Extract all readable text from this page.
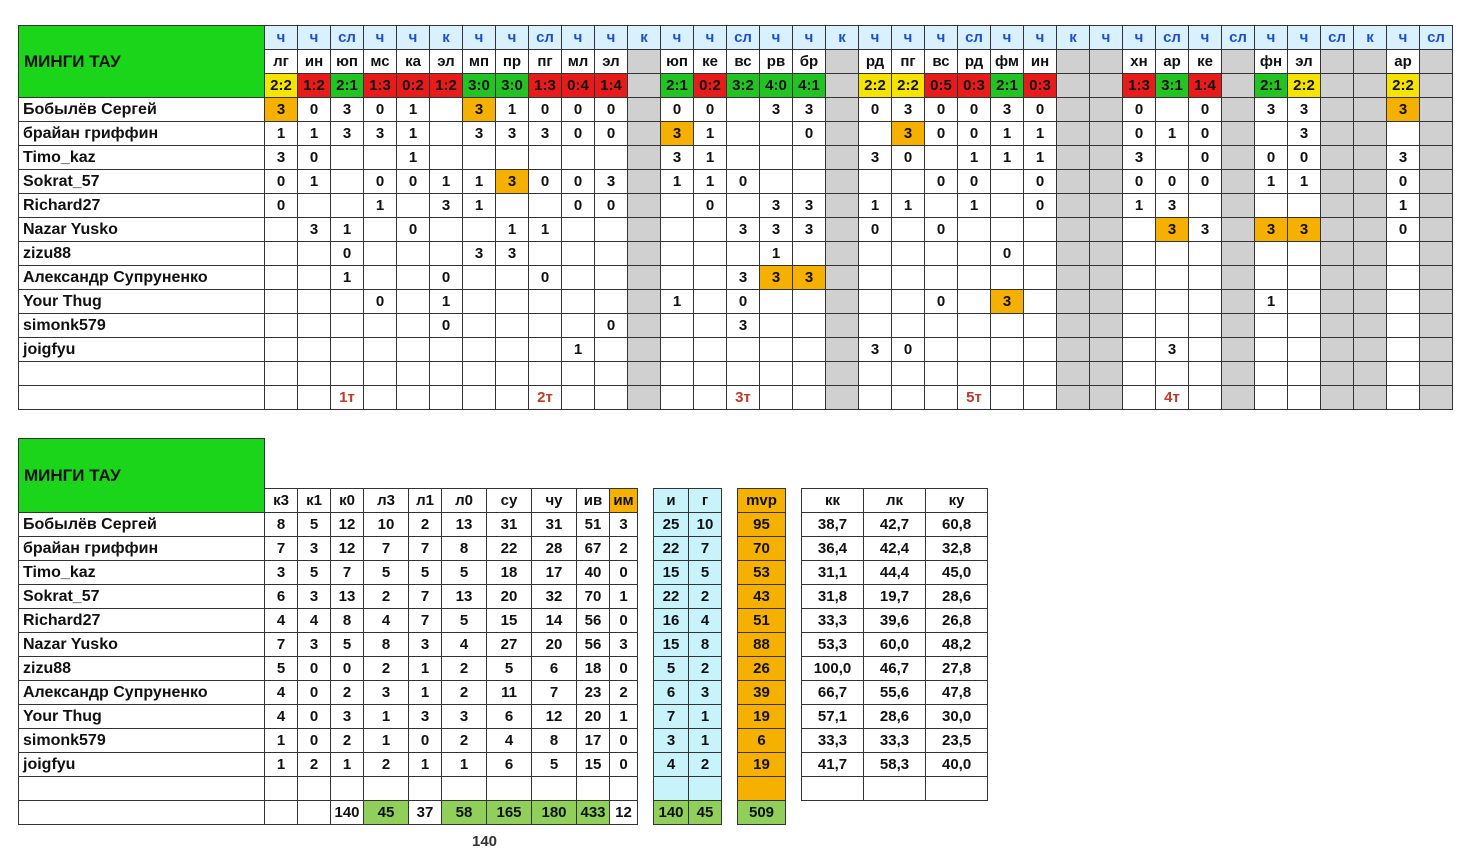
МИНГИ ТАУ	ч	ч	сл	ч	ч	к	ч	ч	сл	ч	ч	к	ч	ч	сл	ч	ч	к	ч	ч	ч	сл	ч	ч	к	ч	ч	сл	ч	сл	ч	ч	сл	к	ч	сл
	лг	ин	юп	мс	ка	эл	мп	пр	пг	мл	эл		юп	ке	вс	рв	бр		рд	пг	вс	рд	фм	ин			хн	ар	ке		фн	эл			ар	
	2:2	1:2	2:1	1:3	0:2	1:2	3:0	3:0	1:3	0:4	1:4		2:1	0:2	3:2	4:0	4:1		2:2	2:2	0:5	0:3	2:1	0:3			1:3	3:1	1:4		2:1	2:2			2:2	
Бобылёв Сергей	3	0	3	0	1		3	1	0	0	0		0	0		3	3		0	3	0	0	3	0			0		0		3	3			3	
брайан гриффин	1	1	3	3	1		3	3	3	0	0		3	1			0			3	0	0	1	1			0	1	0			3				
Timo_kaz	3	0			1								3	1					3	0		1	1	1			3		0		0	0			3	
Sokrat_57	0	1		0	0	1	1	3	0	0	3		1	1	0						0	0		0			0	0	0		1	1			0	
Richard27	0			1		3	1			0	0			0		3	3		1	1		1		0			1	3							1	
Nazar Yusko		3	1		0			1	1						3	3	3		0		0							3	3		3	3			0	
zizu88			0				3	3								1							0													
Александр Супруненко			1			0			0						3	3	3																			
Your Thug				0		1							1		0						0		3								1					
simonk579						0					0				3																					
joigfyu										1									3	0								3								

			1т						2т						3т							5т						4т								
МИНГИ ТАУ																			
	к3	к1	к0	л3	л1	л0	су	чу	ив	им		и	г		mvp		кк	лк	ку
Бобылёв Сергей	8	5	12	10	2	13	31	31	51	3		25	10		95		38,7	42,7	60,8
брайан гриффин	7	3	12	7	7	8	22	28	67	2		22	7		70		36,4	42,4	32,8
Timo_kaz	3	5	7	5	5	5	18	17	40	0		15	5		53		31,1	44,4	45,0
Sokrat_57	6	3	13	2	7	13	20	32	70	1		22	2		43		31,8	19,7	28,6
Richard27	4	4	8	4	7	5	15	14	56	0		16	4		51		33,3	39,6	26,8
Nazar Yusko	7	3	5	8	3	4	27	20	56	3		15	8		88		53,3	60,0	48,2
zizu88	5	0	0	2	1	2	5	6	18	0		5	2		26		100,0	46,7	27,8
Александр Супруненко	4	0	2	3	1	2	11	7	23	2		6	3		39		66,7	55,6	47,8
Your Thug	4	0	3	1	3	3	6	12	20	1		7	1		19		57,1	28,6	30,0
simonk579	1	0	2	1	0	2	4	8	17	0		3	1		6		33,3	33,3	23,5
joigfyu	1	2	1	2	1	1	6	5	15	0		4	2		19		41,7	58,3	40,0

			140	45	37	58	165	180	433	12		140	45		509				
140
